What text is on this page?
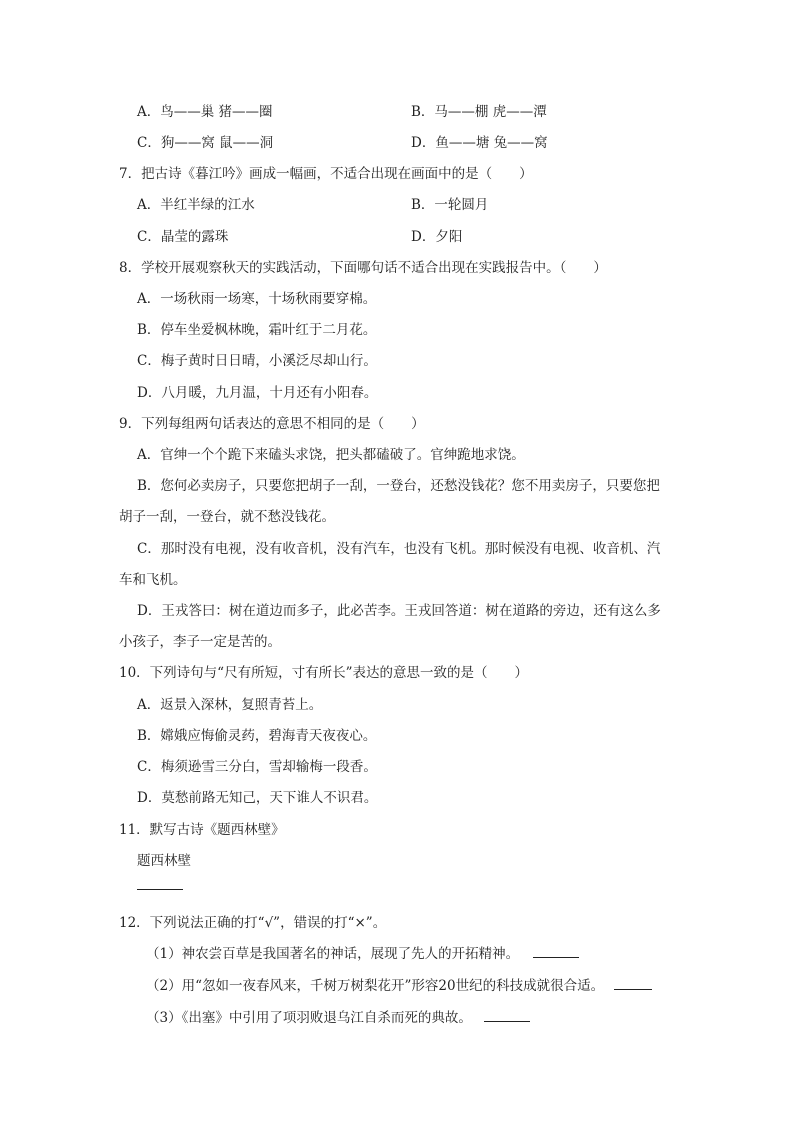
A．鸟——巢 猪——圈	B．马——棚 虎——潭
C．狗——窝 鼠——洞	D．鱼——塘 兔——窝
7．把古诗《暮江吟》画成一幅画，不适合出现在画面中的是（　　）
A．半红半绿的江水	B．一轮圆月
C．晶莹的露珠	D．夕阳
8．学校开展观察秋天的实践活动，下面哪句话不适合出现在实践报告中。（　　）
A．一场秋雨一场寒，十场秋雨要穿棉。
B．停车坐爱枫林晚，霜叶红于二月花。
C．梅子黄时日日晴，小溪泛尽却山行。
D．八月暖，九月温，十月还有小阳春。
9．下列每组两句话表达的意思不相同的是（　　）
A．官绅一个个跪下来磕头求饶，把头都磕破了。官绅跪地求饶。
B．您何必卖房子，只要您把胡子一刮，一登台，还愁没钱花？您不用卖房子，只要您把
胡子一刮，一登台，就不愁没钱花。
C．那时没有电视，没有收音机，没有汽车，也没有飞机。那时候没有电视、收音机、汽
车和飞机。
D．王戎答曰：树在道边而多子，此必苦李。王戎回答道：树在道路的旁边，还有这么多
小孩子，李子一定是苦的。
10．下列诗句与“尺有所短，寸有所长”表达的意思一致的是（　　）
A．返景入深林，复照青苔上。
B．嫦娥应悔偷灵药，碧海青天夜夜心。
C．梅须逊雪三分白，雪却输梅一段香。
D．莫愁前路无知己，天下谁人不识君。
11．默写古诗《题西林壁》
题西林壁
12．下列说法正确的打“√”，错误的打“×”。
（1）神农尝百草是我国著名的神话，展现了先人的开拓精神。
（2）用“忽如一夜春风来，千树万树梨花开”形容20世纪的科技成就很合适。
（3）《出塞》中引用了项羽败退乌江自杀而死的典故。
